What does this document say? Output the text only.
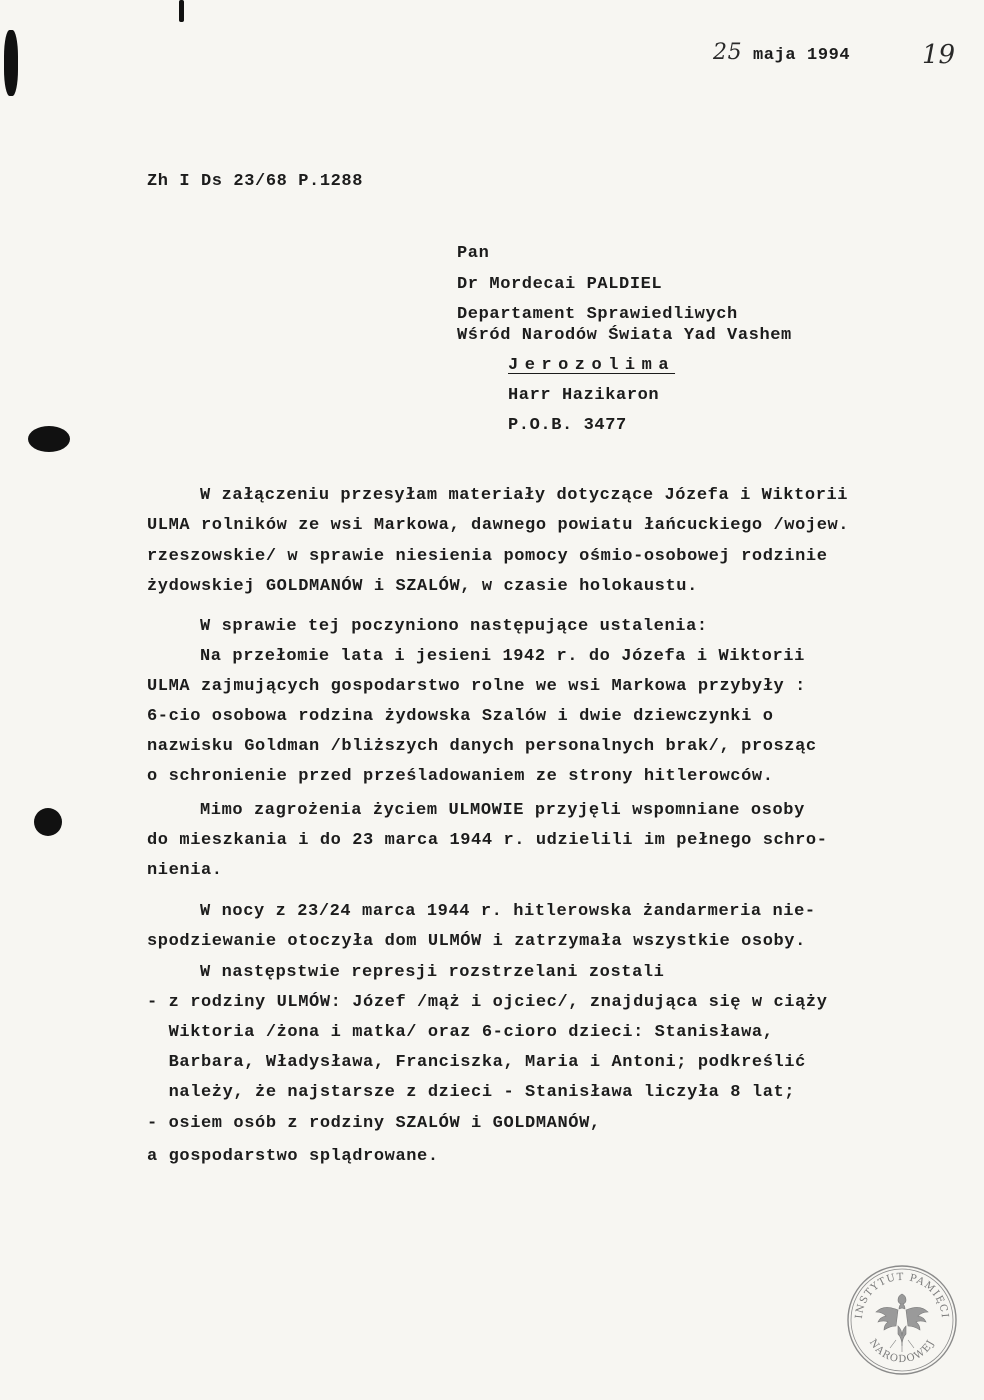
25 maja 1994	19
Zh I Ds 23/68 P.1288
Pan
Dr Mordecai PALDIEL
Departament Sprawiedliwych
Wśród Narodów Świata Yad Vashem
Jerozolima
Harr Hazikaron
P.O.B. 3477
W załączeniu przesyłam materiały dotyczące Józefa i Wiktorii
ULMA rolników ze wsi Markowa, dawnego powiatu łańcuckiego /wojew.
rzeszowskie/ w sprawie niesienia pomocy ośmio-osobowej rodzinie
żydowskiej GOLDMANÓW i SZALÓW, w czasie holokaustu.
W sprawie tej poczyniono następujące ustalenia:
Na przełomie lata i jesieni 1942 r. do Józefa i Wiktorii
ULMA zajmujących gospodarstwo rolne we wsi Markowa przybyły :
6-cio osobowa rodzina żydowska Szalów i dwie dziewczynki o
nazwisku Goldman /bliższych danych personalnych brak/, prosząc
o schronienie przed prześladowaniem ze strony hitlerowców.
Mimo zagrożenia życiem ULMOWIE przyjęli wspomniane osoby
do mieszkania i do 23 marca 1944 r. udzielili im pełnego schro-
nienia.
W nocy z 23/24 marca 1944 r. hitlerowska żandarmeria nie-
spodziewanie otoczyła dom ULMÓW i zatrzymała wszystkie osoby.
W następstwie represji rozstrzelani zostali
- z rodziny ULMÓW: Józef /mąż i ojciec/, znajdująca się w ciąży
Wiktoria /żona i matka/ oraz 6-cioro dzieci: Stanisława,
Barbara, Władysława, Franciszka, Maria i Antoni; podkreślić
należy, że najstarsze z dzieci - Stanisława liczyła 8 lat;
- osiem osób z rodziny SZALÓW i GOLDMANÓW,
a gospodarstwo splądrowane.
INSTYTUT PAMIĘCI
NARODOWEJ
